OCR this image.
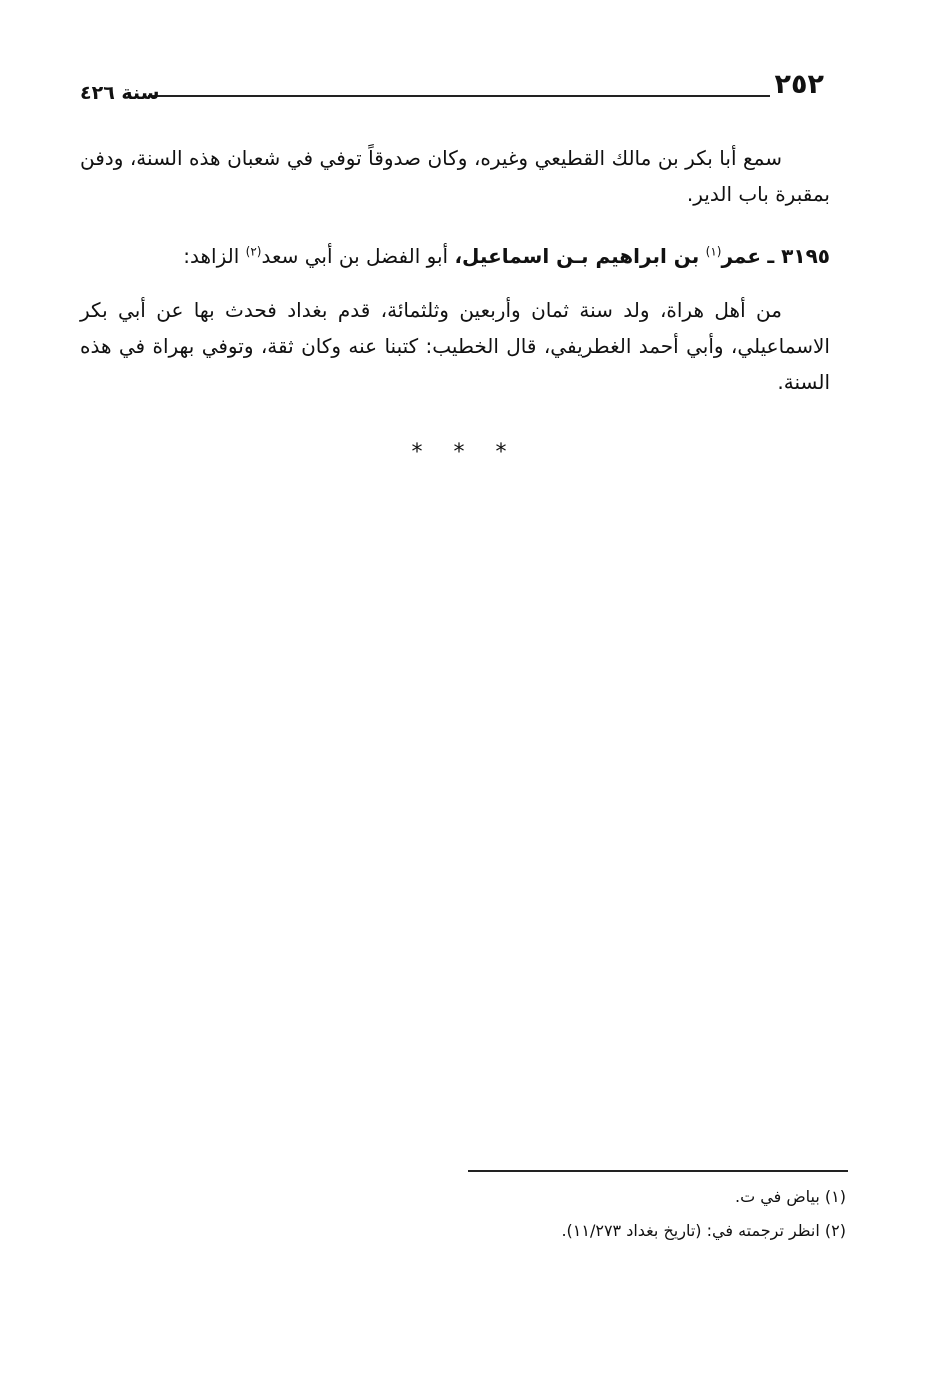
٢٥٢
سنة ٤٢٦

سمع أبا بكر بن مالك القطيعي وغيره، وكان صدوقاً توفي في شعبان هذه السنة، ودفن بمقبرة باب الدير.

٣١٩٥ ـ عمر$^{(١)}$ بن ابراهيم بـن اسماعيل، أبو الفضل بن أبي سعد$^{(٢)}$ الزاهد:

من أهل هراة، ولد سنة ثمان وأربعين وثلثمائة، قدم بغداد فحدث بها عن أبي بكر الاسماعيلي، وأبي أحمد الغطريفي، قال الخطيب: كتبنا عنه وكان ثقة، وتوفي بهراة في هذه السنة.

* * *
(١) بياض في ت.
(٢) انظر ترجمته في: (تاريخ بغداد ١١/٢٧٣).
